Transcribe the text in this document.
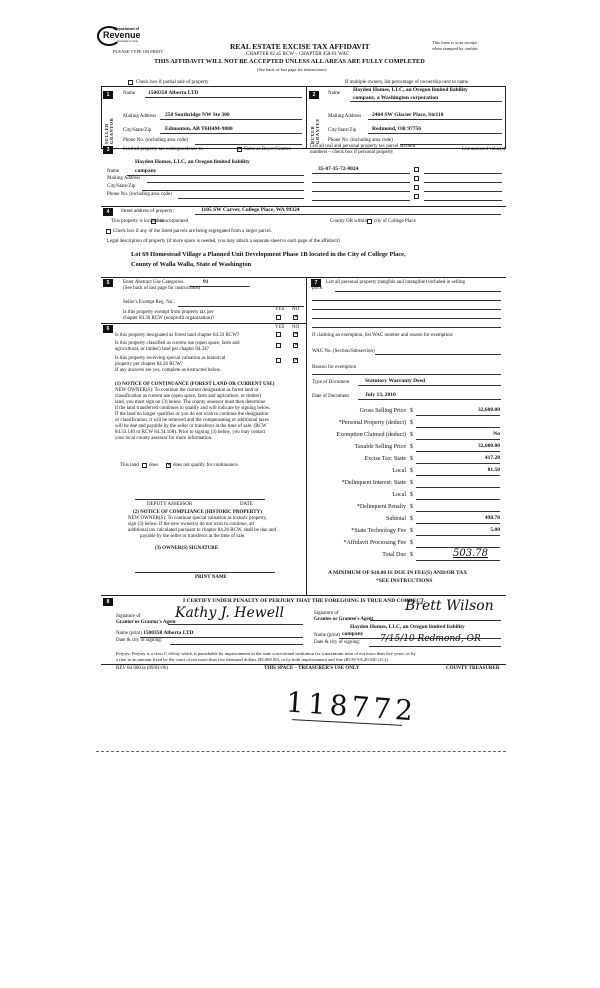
Department of
Revenue
Washington State
PLEASE TYPE OR PRINT
REAL ESTATE EXCISE TAX AFFIDAVIT
CHAPTER 82.45 RCW – CHAPTER 458-61 WAC
THIS AFFIDAVIT WILL NOT BE ACCEPTED UNLESS ALL AREAS ARE FULLY COMPLETED
(See back of last page for instructions)
This form is your receipt
when stamped by cashier.
Check box if partial sale of property	If multiple owners, list percentage of ownership next to name.
1
SELLER GRANTOR
Name 1500358 Alberta LTD
Mailing Address 250 Southridge NW Ste 300
City/State/Zip Edmonton, AB T6H4M-9000
Phone No. (including area code)
2
BUYER GRANTEE
Name
Hayden Homes, LLC, an Oregon limited liability
company, a Washington corporation
Mailing Address 2464 SW Glacier Place, Ste110
City/State/Zip	Redmond, OR 97756
Phone No. (including area code)
3	Send all property tax correspondence to:	✕ Same as Buyer/Grantee
List all real and personal property tax parcel account
numbers – check box if personal property
List assessed value(s)
Hayden Homes, LLC, an Oregon limited liability
Name	company
Mailing Address
City/State/Zip
Phone No. (including area code)
35-07-35-72-0024
4	Street address of property:	1105 SW Carver, College Place, WA 99324
This property is located in
unincorporated	County OR within city of College Place
Check box if any of the listed parcels are being segregated from a larger parcel.
Legal description of property (if more space is needed, you may attach a separate sheet to each page of the affidavit)
Lot 69 Homestead Village a Planned Unit Development Phase 1B located in the City of College Place,
County of Walla Walla, State of Washington
5	Enter Abstract Use Categories	91
(See back of last page for instructions)
Seller's Exempt Reg. No.:
YES NO
Is this property exempt from property tax per
chapter 84.36 RCW (nonprofit organization)?	✕
7	List all personal property (tangible and intangible) included in selling
price.
6	YES NO
Is this property designated as forest land chapter 84.33 RCW?	✕
Is this property classified as current use (open space, farm and
agricultural, or timber) land per chapter 84.34?
✕
Is this property receiving special valuation as historical
property per chapter 84.26 RCW?
✕
If any answers are yes, complete as instructed below.
(1) NOTICE OF CONTINUANCE (FOREST LAND OR CURRENT USE)
NEW OWNER(S): To continue the current designation as forest land or
classification as current use (open space, farm and agriculture, or timber)
land, you must sign on (3) below. The county assessor must then determine
if the land transferred continues to qualify and will indicate by signing below.
If the land no longer qualifies or you do not wish to continue the designation
or classification, it will be removed and the compensating or additional taxes
will be due and payable by the seller or transferor at the time of sale. (RCW
84.33.140 or RCW 84.34.108). Prior to signing (3) below, you may contact
your local county assessor for more information.
This land does ✕ does not qualify for continuance.
DEPUTY ASSESSOR	DATE
(2) NOTICE OF COMPLIANCE (HISTORIC PROPERTY)
NEW OWNER(S): To continue special valuation as historic property,
sign (3) below. If the new owner(s) do not wish to continue, all
additional tax calculated pursuant to chapter 84.26 RCW, shall be due and
payable by the seller or transferor at the time of sale.
(3) OWNER(S) SIGNATURE
PRINT NAME
If claiming an exemption, list WAC number and reason for exemption:
WAC No. (Section/Subsection)
Reason for exemption
Type of Document	Statutory Warranty Deed
Date of Document	July 13, 2010
Gross Selling Price $	32,600.00
*Personal Property (deduct) $
Exemption Claimed (deduct) $	No
Taxable Selling Price $	32,600.00
Excise Tax: State $	417.28
Local $	81.50
*Delinquent Interest: State $
Local $
*Delinquent Penalty $
Subtotal $	498.78
*State Technology Fee $	5.00
*Affidavit Processing Fee $
Total Due $	503.78
A MINIMUM OF $10.00 IS DUE IN FEE(S) AND/OR TAX
*SEE INSTRUCTIONS
8	I CERTIFY UNDER PENALTY OF PERJURY THAT THE FOREGOING IS TRUE AND CORRECT.
Signature of
Grantor or Grantor's Agent
Kathy J. Hewell
Name (print) 1500358 Alberta LTD
Date & city of signing:
Signature of
Grantee or Grantee's Agent
Brett Wilson
Hayden Homes, LLC, an Oregon limited liability
Name (print) company
Date & city of signing: 7/15/10 Redmond, OR
Perjury: Perjury is a class C felony which is punishable by imprisonment in the state correctional institution for a maximum term of not more than five years, or by
a fine in an amount fixed by the court of not more than five thousand dollars ($5,000.00), or by both imprisonment and fine (RCW 9A.20.020 (1C)).
REV 84 0001a (09/01/06)	THIS SPACE – TREASURER'S USE ONLY	COUNTY TREASURER
118772
